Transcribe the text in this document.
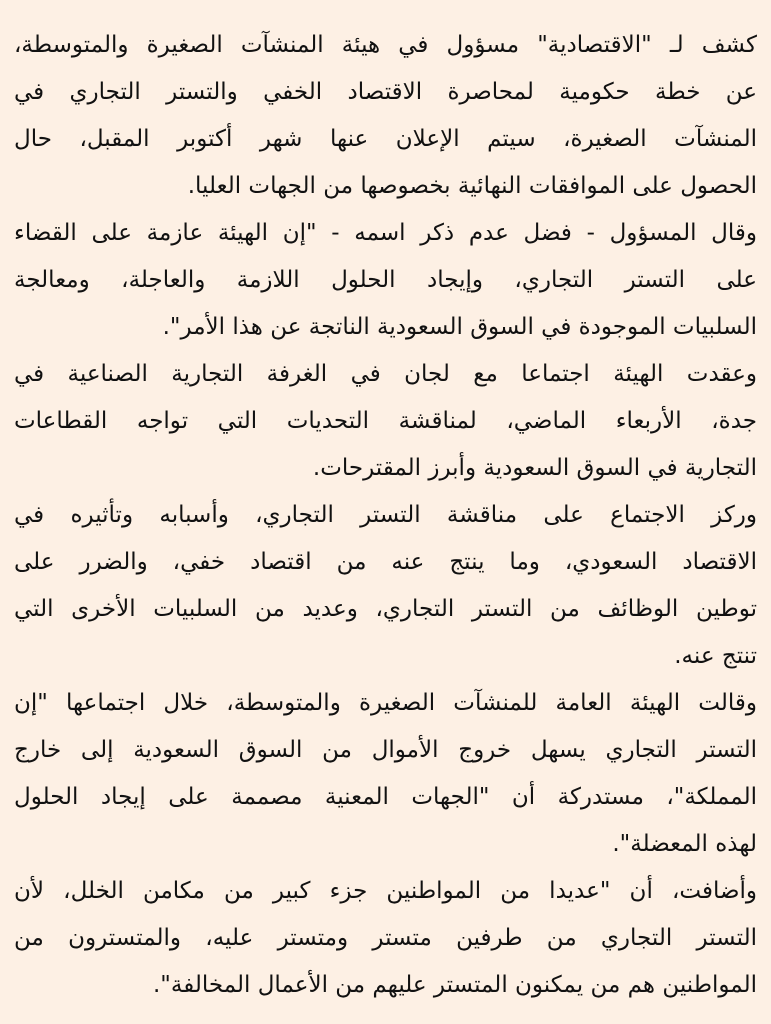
كشف لـ "الاقتصادية" مسؤول في هيئة المنشآت الصغيرة والمتوسطة،
عن خطة حكومية لمحاصرة الاقتصاد الخفي والتستر التجاري في
المنشآت الصغيرة، سيتم الإعلان عنها شهر أكتوبر المقبل، حال
الحصول على الموافقات النهائية بخصوصها من الجهات العليا.

وقال المسؤول - فضل عدم ذكر اسمه - "إن الهيئة عازمة على القضاء
على التستر التجاري، وإيجاد الحلول اللازمة والعاجلة، ومعالجة
السلبيات الموجودة في السوق السعودية الناتجة عن هذا الأمر".

وعقدت الهيئة اجتماعا مع لجان في الغرفة التجارية الصناعية في
جدة، الأربعاء الماضي، لمناقشة التحديات التي تواجه القطاعات
التجارية في السوق السعودية وأبرز المقترحات.

وركز الاجتماع على مناقشة التستر التجاري، وأسبابه وتأثيره في
الاقتصاد السعودي، وما ينتج عنه من اقتصاد خفي، والضرر على
توطين الوظائف من التستر التجاري، وعديد من السلبيات الأخرى التي
تنتج عنه.

وقالت الهيئة العامة للمنشآت الصغيرة والمتوسطة، خلال اجتماعها "إن
التستر التجاري يسهل خروج الأموال من السوق السعودية إلى خارج
المملكة"، مستدركة أن "الجهات المعنية مصممة على إيجاد الحلول
لهذه المعضلة".

وأضافت، أن "عديدا من المواطنين جزء كبير من مكامن الخلل، لأن
التستر التجاري من طرفين متستر ومتستر عليه، والمتسترون من
المواطنين هم من يمكنون المتستر عليهم من الأعمال المخالفة".
